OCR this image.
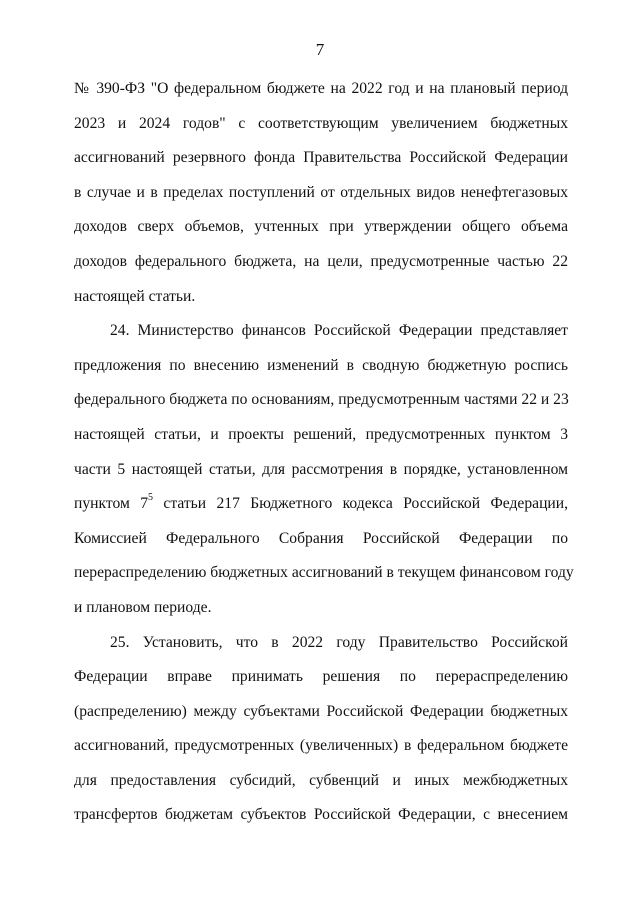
7
№ 390-ФЗ "О федеральном бюджете на 2022 год и на плановый период
2023 и 2024 годов" с соответствующим увеличением бюджетных
ассигнований резервного фонда Правительства Российской Федерации
в случае и в пределах поступлений от отдельных видов ненефтегазовых
доходов сверх объемов, учтенных при утверждении общего объема
доходов федерального бюджета, на цели, предусмотренные частью 22
настоящей статьи.
24. Министерство финансов Российской Федерации представляет
предложения по внесению изменений в сводную бюджетную роспись
федерального бюджета по основаниям, предусмотренным частями 22 и 23
настоящей статьи, и проекты решений, предусмотренных пунктом 3
части 5 настоящей статьи, для рассмотрения в порядке, установленном
пунктом $7^5$ статьи 217 Бюджетного кодекса Российской Федерации,
Комиссией Федерального Собрания Российской Федерации по
перераспределению бюджетных ассигнований в текущем финансовом году
и плановом периоде.
25. Установить, что в 2022 году Правительство Российской
Федерации вправе принимать решения по перераспределению
(распределению) между субъектами Российской Федерации бюджетных
ассигнований, предусмотренных (увеличенных) в федеральном бюджете
для предоставления субсидий, субвенций и иных межбюджетных
трансфертов бюджетам субъектов Российской Федерации, с внесением
